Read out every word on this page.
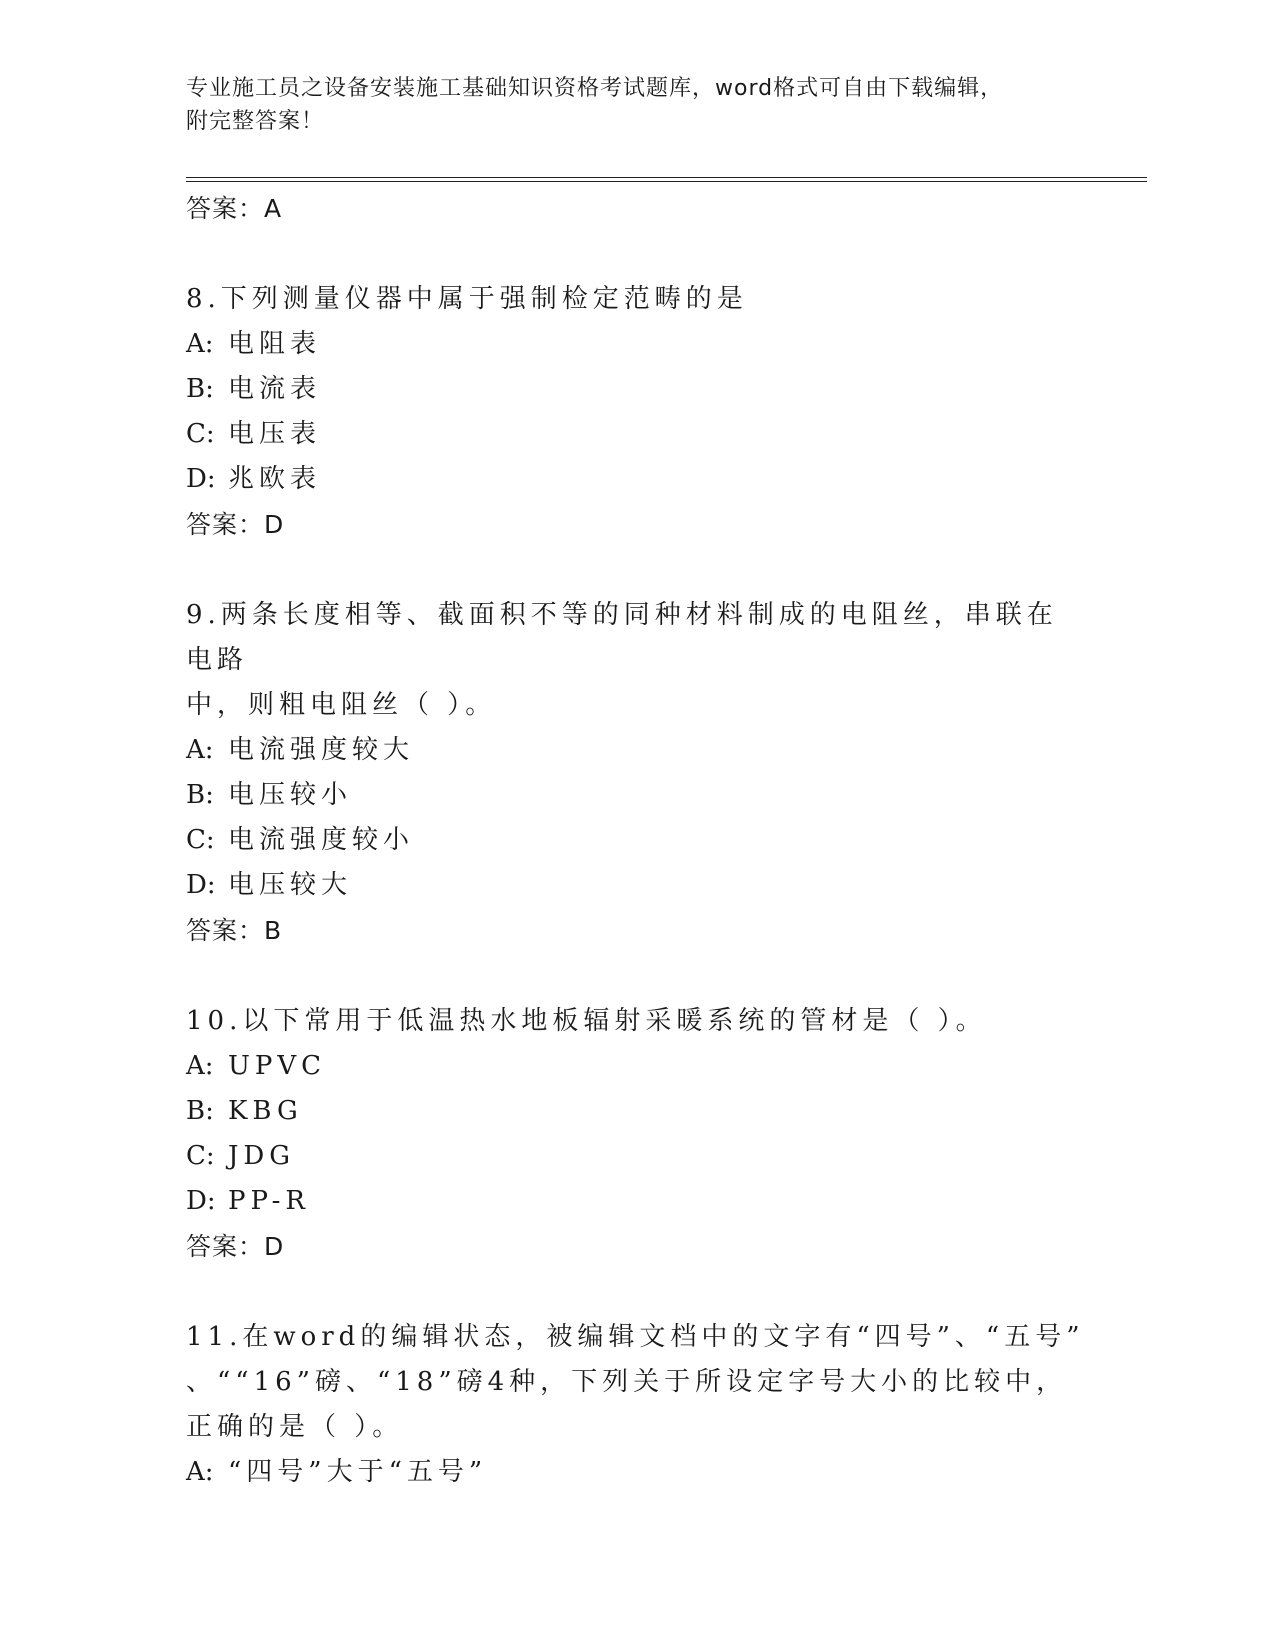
专业施工员之设备安装施工基础知识资格考试题库，word格式可自由下载编辑，
附完整答案！
答案：A
8.下列测量仪器中属于强制检定范畴的是
A: 电阻表
B: 电流表
C: 电压表
D: 兆欧表
答案：D
9.两条长度相等、截面积不等的同种材料制成的电阻丝，串联在电路
中，则粗电阻丝（ ）。
A: 电流强度较大
B: 电压较小
C: 电流强度较小
D: 电压较大
答案：B
10.以下常用于低温热水地板辐射采暖系统的管材是（ ）。
A: UPVC
B: KBG
C: JDG
D: PP-R
答案：D
11.在word的编辑状态，被编辑文档中的文字有“四号”、“五号”
、““16”磅、“18”磅4种，下列关于所设定字号大小的比较中，
正确的是（ ）。
A: “四号”大于“五号”
